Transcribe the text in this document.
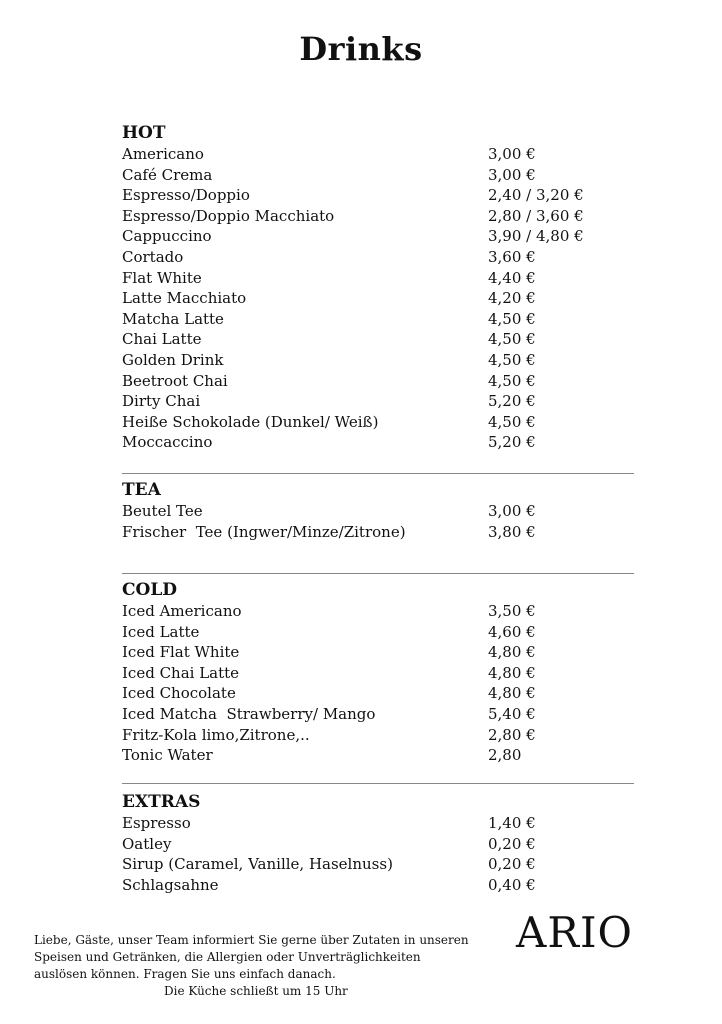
Drinks
HOT
Americano	3,00 €
Café Crema	3,00 €
Espresso/Doppio	2,40 / 3,20 €
Espresso/Doppio Macchiato	2,80 / 3,60 €
Cappuccino	3,90 / 4,80 €
Cortado	3,60 €
Flat White	4,40 €
Latte Macchiato	4,20 €
Matcha Latte	4,50 €
Chai Latte	4,50 €
Golden Drink	4,50 €
Beetroot Chai	4,50 €
Dirty Chai	5,20 €
Heiße Schokolade (Dunkel/ Weiß)	4,50 €
Moccaccino	5,20 €
TEA
Beutel Tee	3,00 €
Frischer  Tee (Ingwer/Minze/Zitrone)	3,80 €
COLD
Iced Americano	3,50 €
Iced Latte	4,60 €
Iced Flat White	4,80 €
Iced Chai Latte	4,80 €
Iced Chocolate	4,80 €
Iced Matcha  Strawberry/ Mango	5,40 €
Fritz-Kola limo,Zitrone,..	2,80 €
Tonic Water	2,80
EXTRAS
Espresso	1,40 €
Oatley	0,20 €
Sirup (Caramel, Vanille, Haselnuss)	0,20 €
Schlagsahne	0,40 €
Liebe, Gäste, unser Team informiert Sie gerne über Zutaten in unseren
Speisen und Getränken, die Allergien oder Unverträglichkeiten
auslösen können. Fragen Sie uns einfach danach.
Die Küche schließt um 15 Uhr
ARIO
